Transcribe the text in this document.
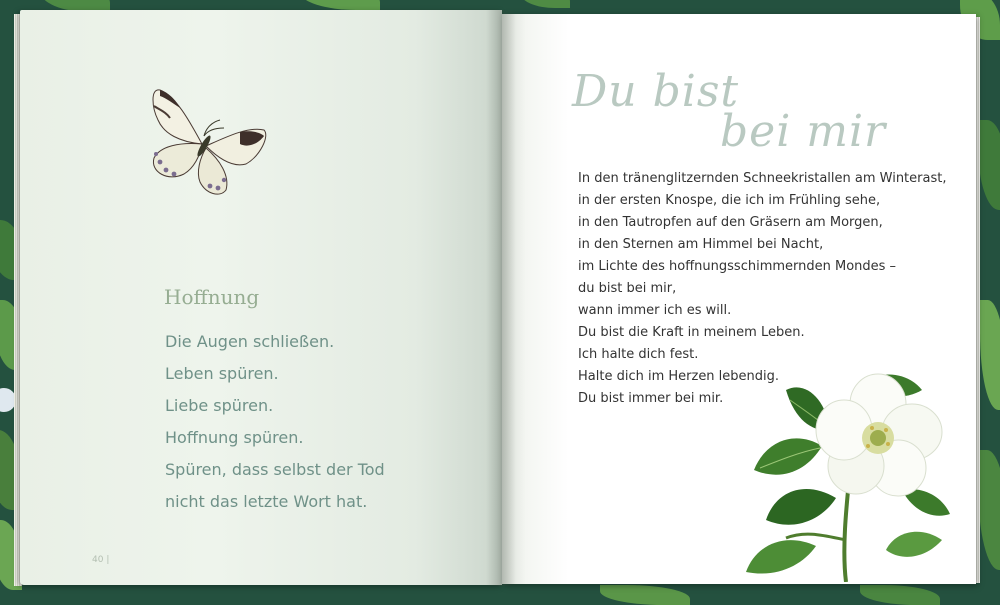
Hoffnung
Die Augen schließen.
Leben spüren.
Liebe spüren.
Hoffnung spüren.
Spüren, dass selbst der Tod
nicht das letzte Wort hat.
40 |
Du bist
bei mir
In den tränenglitzernden Schneekristallen am Winterast,
in der ersten Knospe, die ich im Frühling sehe,
in den Tautropfen auf den Gräsern am Morgen,
in den Sternen am Himmel bei Nacht,
im Lichte des hoffnungsschimmernden Mondes –
du bist bei mir,
wann immer ich es will.
Du bist die Kraft in meinem Leben.
Ich halte dich fest.
Halte dich im Herzen lebendig.
Du bist immer bei mir.
